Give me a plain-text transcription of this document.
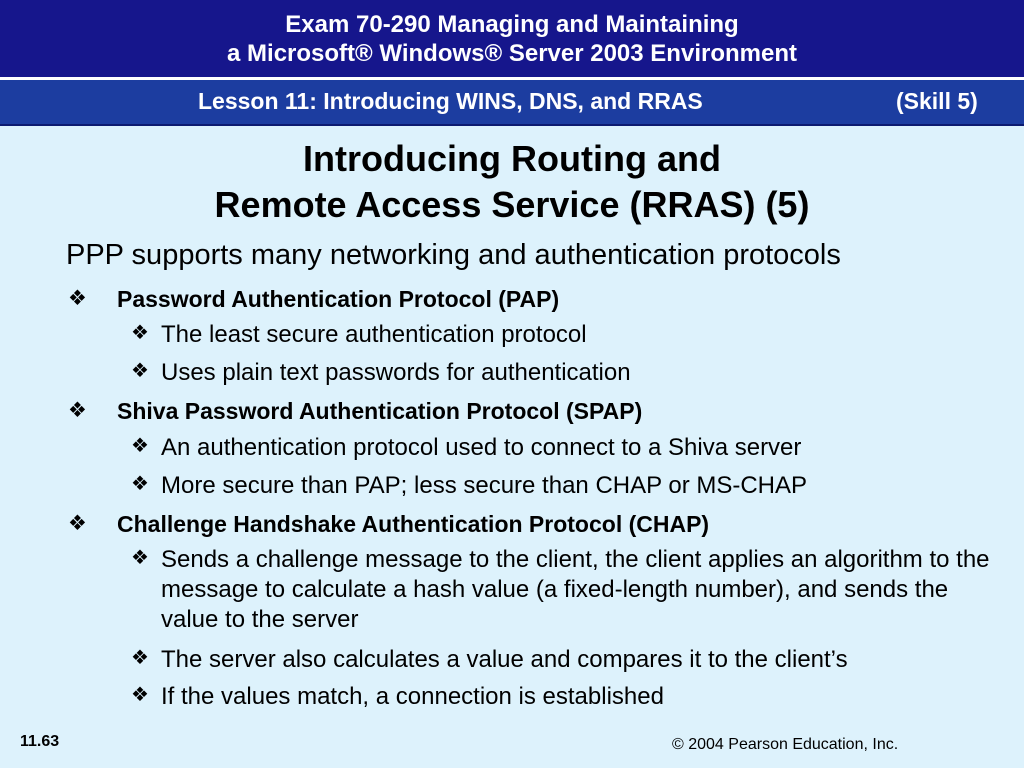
Exam 70-290 Managing and Maintaining
a Microsoft® Windows® Server 2003 Environment
Lesson 11: Introducing WINS, DNS, and RRAS	(Skill 5)
Introducing Routing and
Remote Access Service (RRAS) (5)
PPP supports many networking and authentication protocols
❖ Password Authentication Protocol (PAP)
❖ The least secure authentication protocol
❖ Uses plain text passwords for authentication
❖ Shiva Password Authentication Protocol (SPAP)
❖ An authentication protocol used to connect to a Shiva server
❖ More secure than PAP; less secure than CHAP or MS-CHAP
❖ Challenge Handshake Authentication Protocol (CHAP)
❖ Sends a challenge message to the client, the client applies an algorithm to the message to calculate a hash value (a fixed-length number), and sends the value to the server
❖ The server also calculates a value and compares it to the client’s
❖ If the values match, a connection is established
11.63	© 2004 Pearson Education, Inc.
